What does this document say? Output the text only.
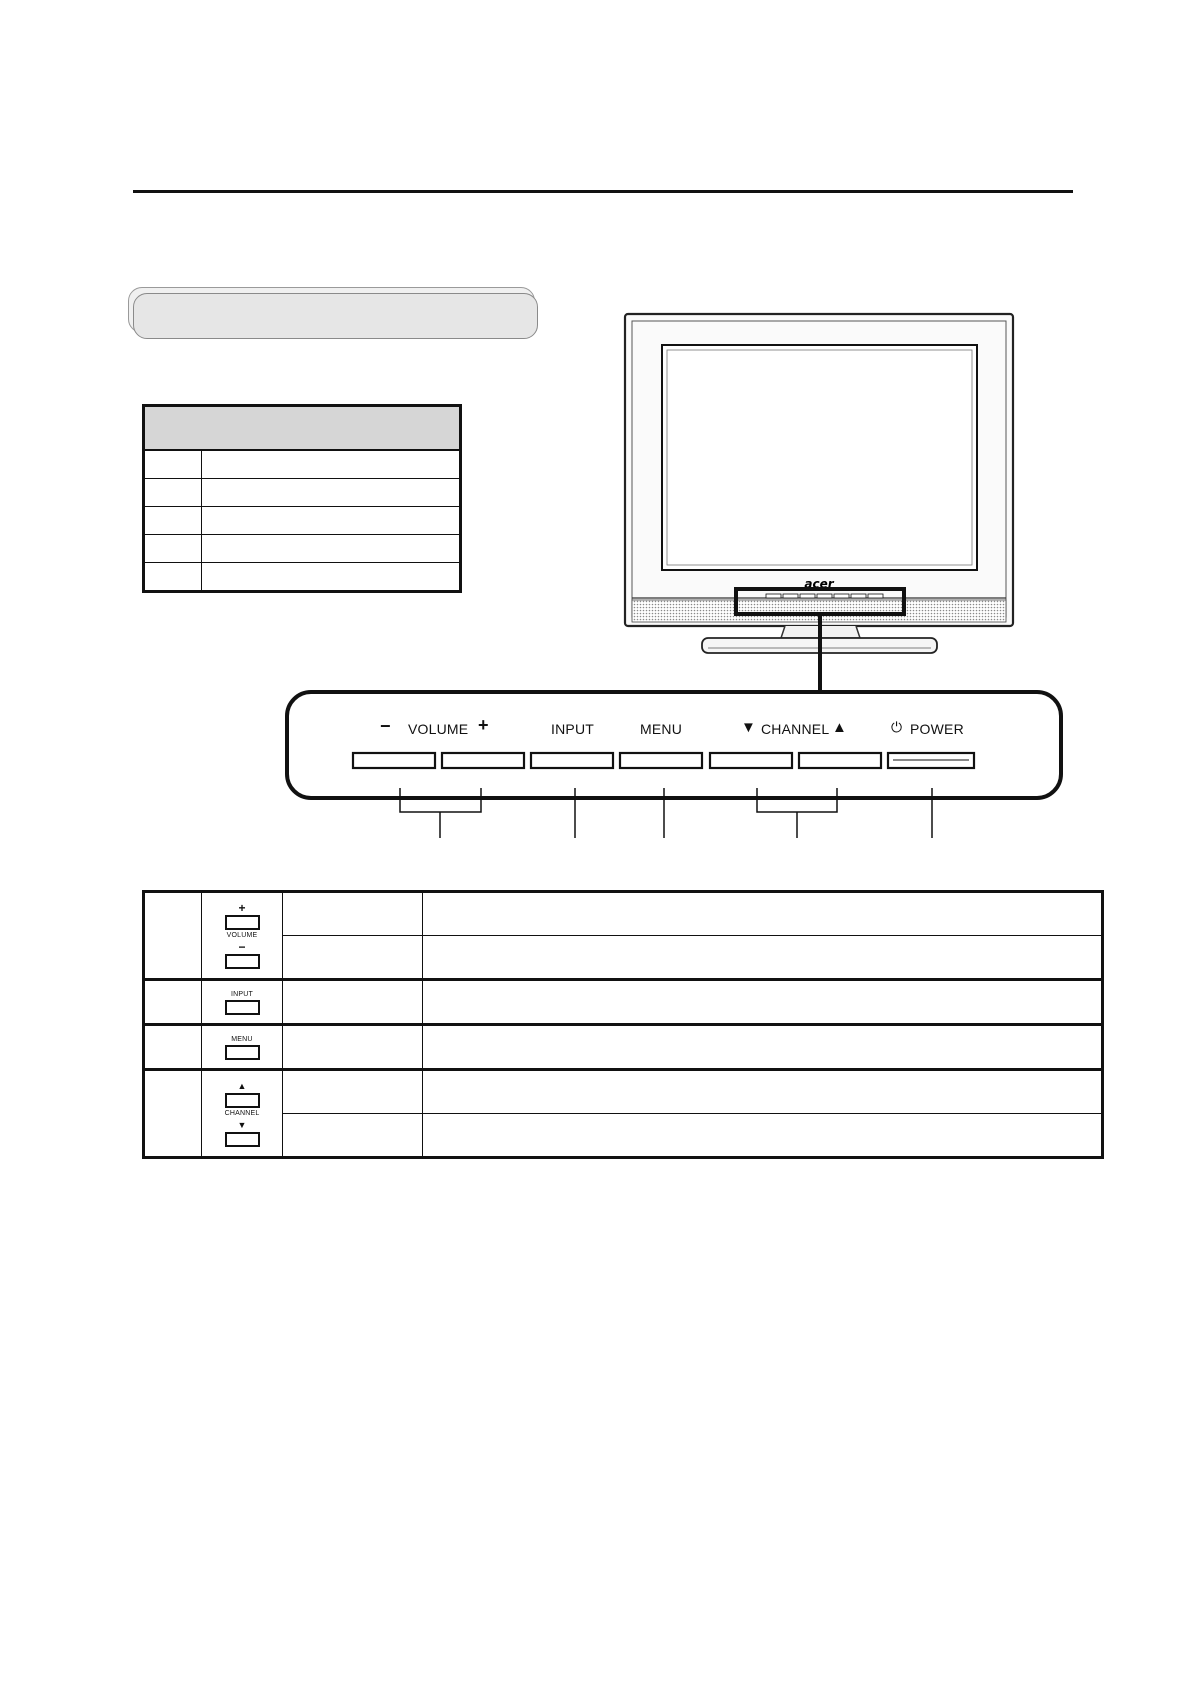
acer
− VOLUME +	INPUT	MENU	▼ CHANNEL ▲	⏻ POWER

	+
VOLUME
−		

	INPUT		

	MENU		

	▲
CHANNEL
▼		
